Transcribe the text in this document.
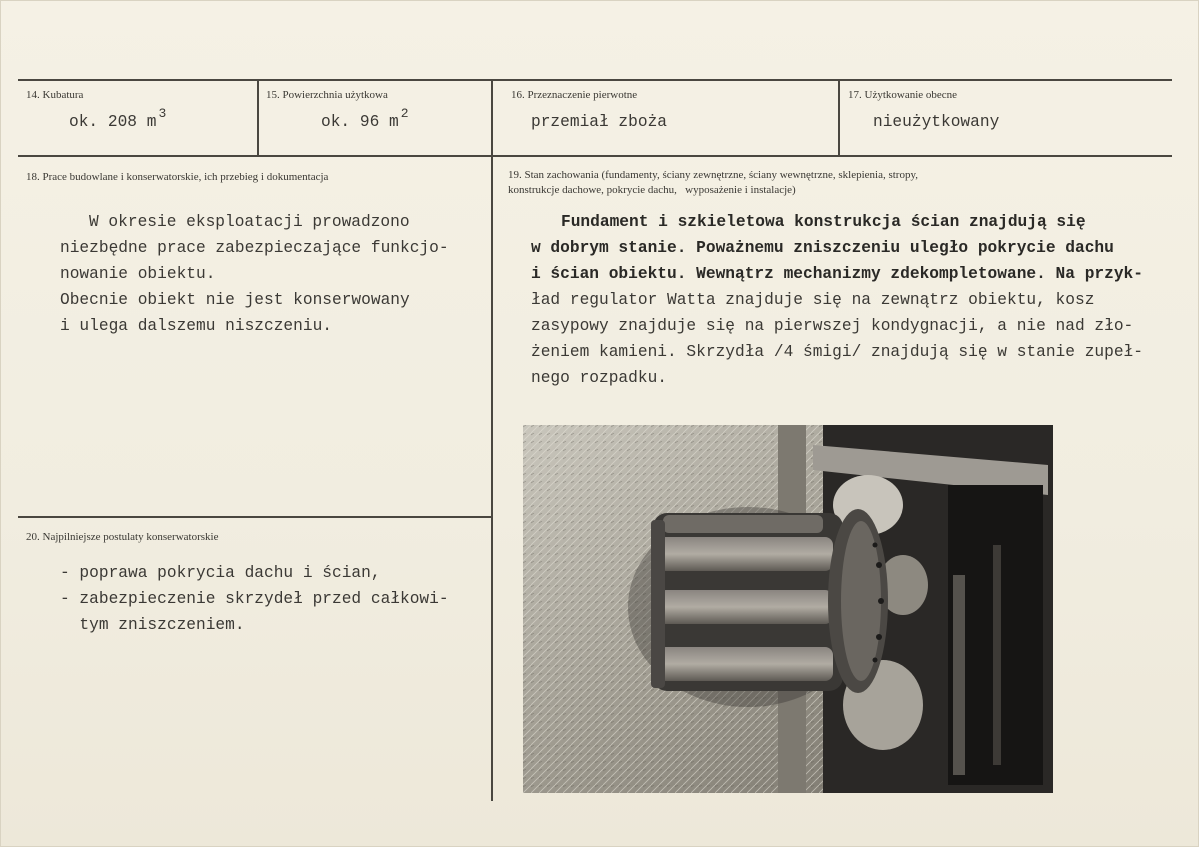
14. Kubatura
ok. 208 m $^3$
15. Powierzchnia użytkowa
ok. 96 m $^2$
16. Przeznaczenie pierwotne
przemiał zboża
17. Użytkowanie obecne
nieużytkowany
18. Prace budowlane i konserwatorskie, ich przebieg i dokumentacja
W okresie eksploatacji prowadzono
niezbędne prace zabezpieczające funkcjo-
nowanie obiektu.
Obecnie obiekt nie jest konserwowany
i ulega dalszemu niszczeniu.
19. Stan zachowania (fundamenty, ściany zewnętrzne, ściany wewnętrzne, sklepienia, stropy,
konstrukcje dachowe, pokrycie dachu,   wyposażenie i instalacje)
Fundament i szkieletowa konstrukcja ścian znajdują się
w dobrym stanie. Poważnemu zniszczeniu uległo pokrycie dachu
i ścian obiektu. Wewnątrz mechanizmy zdekompletowane. Na przyk-
ład regulator Watta znajduje się na zewnątrz obiektu, kosz
zasypowy znajduje się na pierwszej kondygnacji, a nie nad zło-
żeniem kamieni. Skrzydła /4 śmigi/ znajdują się w stanie zupeł-
nego rozpadku.
20. Najpilniejsze postulaty konserwatorskie
- poprawa pokrycia dachu i ścian,
- zabezpieczenie skrzydeł przed całkowi-
tym zniszczeniem.
